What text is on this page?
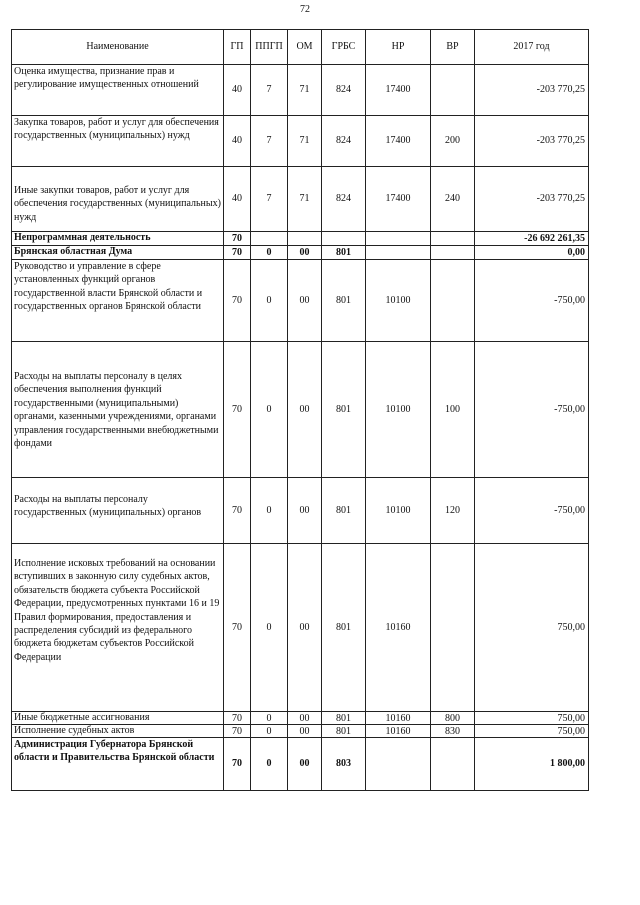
72
Наименование	ГП	ППГП	ОМ	ГРБС	НР	ВР	2017 год
Оценка имущества, признание прав и регулирование имущественных отношений	40	7	71	824	17400		-203 770,25
Закупка товаров, работ и услуг для обеспечения государственных (муниципальных) нужд	40	7	71	824	17400	200	-203 770,25
Иные закупки товаров, работ и услуг для обеспечения государственных (муниципальных) нужд	40	7	71	824	17400	240	-203 770,25
Непрограммная деятельность	70						-26 692 261,35
Брянская областная Дума	70	0	00	801			0,00
Руководство и управление в сфере установленных функций органов государственной власти Брянской области и государственных органов Брянской области	70	0	00	801	10100		-750,00
Расходы на выплаты персоналу в целях обеспечения выполнения функций государственными (муниципальными) органами, казенными учреждениями, органами управления государственными внебюджетными фондами	70	0	00	801	10100	100	-750,00
Расходы на выплаты персоналу государственных (муниципальных) органов	70	0	00	801	10100	120	-750,00
Исполнение исковых требований на основании вступивших в законную силу судебных актов, обязательств бюджета субъекта Российской Федерации, предусмотренных пунктами 16 и 19 Правил формирования, предоставления и распределения субсидий из федерального бюджета бюджетам субъектов Российской Федерации	70	0	00	801	10160		750,00
Иные бюджетные ассигнования	70	0	00	801	10160	800	750,00
Исполнение судебных актов	70	0	00	801	10160	830	750,00
Администрация Губернатора Брянской области и Правительства Брянской области	70	0	00	803			1 800,00
